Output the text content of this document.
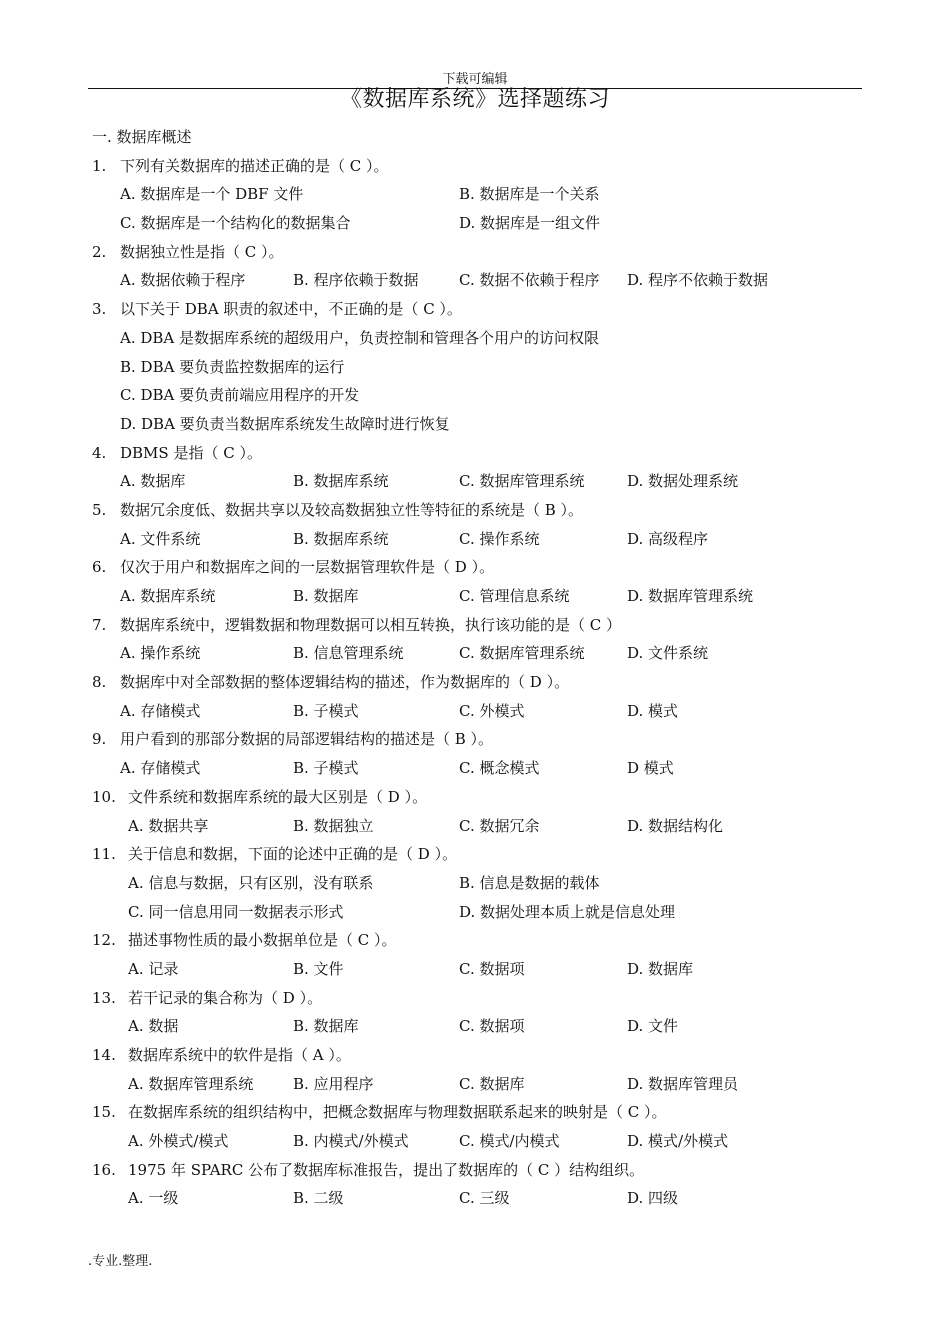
下载可编辑
《数据库系统》选择题练习
一. 数据库概述
1. 下列有关数据库的描述正确的是（ C ）。
A. 数据库是一个 DBF 文件	B. 数据库是一个关系
C. 数据库是一个结构化的数据集合	D. 数据库是一组文件
2. 数据独立性是指（ C ）。
A. 数据依赖于程序	B. 程序依赖于数据	C. 数据不依赖于程序 D. 程序不依赖于数据
3. 以下关于 DBA 职责的叙述中，不正确的是（ C ）。
A. DBA 是数据库系统的超级用户，负责控制和管理各个用户的访问权限
B. DBA 要负责监控数据库的运行
C. DBA 要负责前端应用程序的开发
D. DBA 要负责当数据库系统发生故障时进行恢复
4. DBMS 是指（ C ）。
A. 数据库	B. 数据库系统	C. 数据库管理系统	D. 数据处理系统
5. 数据冗余度低、数据共享以及较高数据独立性等特征的系统是（ B ）。
A. 文件系统	B. 数据库系统	C. 操作系统	D. 高级程序
6. 仅次于用户和数据库之间的一层数据管理软件是（ D ）。
A. 数据库系统	B. 数据库	C. 管理信息系统	D. 数据库管理系统
7. 数据库系统中，逻辑数据和物理数据可以相互转换，执行该功能的是（ C ）
A. 操作系统	B. 信息管理系统	C. 数据库管理系统	D. 文件系统
8. 数据库中对全部数据的整体逻辑结构的描述，作为数据库的（ D ）。
A. 存储模式	B. 子模式	C. 外模式	D. 模式
9. 用户看到的那部分数据的局部逻辑结构的描述是（ B ）。
A. 存储模式	B. 子模式	C. 概念模式	D 模式
10. 文件系统和数据库系统的最大区别是（ D ）。
A. 数据共享	B. 数据独立	C. 数据冗余	D. 数据结构化
11. 关于信息和数据，下面的论述中正确的是（ D ）。
A. 信息与数据，只有区别，没有联系	B. 信息是数据的载体
C. 同一信息用同一数据表示形式	D. 数据处理本质上就是信息处理
12. 描述事物性质的最小数据单位是（ C ）。
A. 记录	B. 文件	C. 数据项	D. 数据库
13. 若干记录的集合称为（ D ）。
A. 数据	B. 数据库	C. 数据项	D. 文件
14. 数据库系统中的软件是指（ A ）。
A. 数据库管理系统	B. 应用程序	C. 数据库	D. 数据库管理员
15. 在数据库系统的组织结构中，把概念数据库与物理数据联系起来的映射是（ C ）。
A. 外模式/模式	B. 内模式/外模式	C. 模式/内模式	D. 模式/外模式
16. 1975 年 SPARC 公布了数据库标准报告，提出了数据库的（ C ）结构组织。
A. 一级	B. 二级	C. 三级	D. 四级
.专业.整理.
